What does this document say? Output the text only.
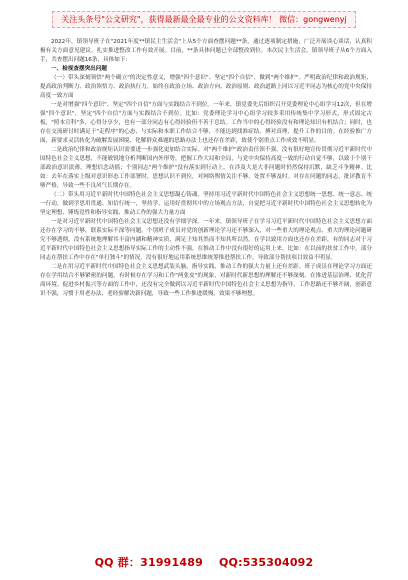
关注头条号"公文研究"，获得最新最全最专业的公文资料库！ 微信：gongwenyj

2022年，镇领导班子在"2021年度**镇民主生活会"上从5个方面查摆问题**条，通过逐项制定措施，广泛开展谈心谈话，认真积极有关方面意见建议，扎实推进整改工作有效开展。目前，**条具体问题已全部整改到位。本次民主生活会，镇领导班子从6个方面入手，共查摆出问题16条，具体如下：

一、检视查摆突出问题

（一）带头深刻领悟"两个确立"的决定性意义，增强"四个意识"、坚定"四个自信"、做到"两个维护"。严明政治纪律和政治规矩，提高政治判断力、政治领悟力、政治执行力，始终在政治立场、政治方向、政治原则、政治道路上同以习近平同志为核心的党中央保持高度一致方面

一是对增强"四个意识"、坚定"四个自信"方面与实践结合不到位。一年来，镇党委先后组织召开党委理论中心组学习12次，但在增强"四个意识"、坚定"四个自信"方面与实践结合不到位。比如：党委理论学习中心组学习较多采用传统集中学习形式，形式固定古板，"照本宣科"多，心得分享少，也有一部分同志有心得经验但不善于总结。工作当中的心得经验没有和理论知识有机结合；同时，也存在交流研讨时满足于"走程序"的心态，与实际和本职工作结合不够，不能达到找准症结、搏对真理、提升工作的目的。在经验推广方面，新要求灵活转化为破解发展困境、化解群众难题的思路办法上也还存在差距，致使个别重点工作成效不明显。

二是政治纪律和政治规矩认识需要进一步强化更加结合实际。对"两个维护"政治责任领不强，没有很好地宣传贯彻习近平新时代中国特色社会主义思想，不能敏锐地分析判断国内外形势，把握工作大局和全局，与党中央保持高度一致的行动自觉不够，以致于个别干部政治意识淡薄，理想信念动摇；个别同志"两个维护"没有落实到行动上，在涉及大是大非问题时仍然保持沉默，缺乏斗争精神。比如：去年在落实上级对意识形态工作部署时，思想认识不到位，对网络舆情关注不够、处置不够及时。对存在问题的同志，批评教育不够严格，导致一些不良风气长期存在。

（二）带头用习近平新时代中国特色社会主义思想凝心铸魂，坚持用习近平新时代中国特色社会主义思想统一思想、统一意志、统一行动，做到学思用贯通、知信行统一，坚持学、运用好贯彻其中的立场观点方法，自觉把习近平新时代中国特色社会主义思想转化为坚定理想、锤炼党性和指导实践、推动工作的强大力量方面

一是对习近平新时代中国特色社会主义思想还没有学细学深。一年来，镇领导班子在学习习近平新时代中国特色社会主义思想方面还存在学习的不够，联系实际不深等问题。个别班子成员对党的创新理论学习还不够深入，对一些重大的理论观点、重大的理论问题研究不够透彻，没有系统地理解其丰富内涵和精神实质，满足于知其然而不知其所以然。在学以致用方面也还存在差距，有的同志对于习近平新时代中国特色社会主义思想指导实际工作的主动性不强，在推动工作中没有很好的运用上来。比如：在以前的扶贫工作中，部分同志在帮扶工作中存在"单打独斗"的情况，没有很好地运用系统思维统筹推进帮扶工作，导致部分帮扶项目效益不明显。

二是在用习近平新时代中国特色社会主义思想武装头脑、指导实践、推动工作的强大力量上还有差距。班子成员在理论学习方面还存在学用结合不够紧密的问题，有时候存在学习和工作"两张皮"的现象，对新时代新思想的理解还不够深刻。在推进基层治理、优化营商环境、促进乡村振兴等方面的工作中，还没有完全做到以习近平新时代中国特色社会主义思想为指导，工作思路还不够开阔，创新意识不强，习惯于用老办法、老经验解决新问题，导致一些工作推进缓慢，效果不够理想。

QQ 群：31991489 QQ:535304092
